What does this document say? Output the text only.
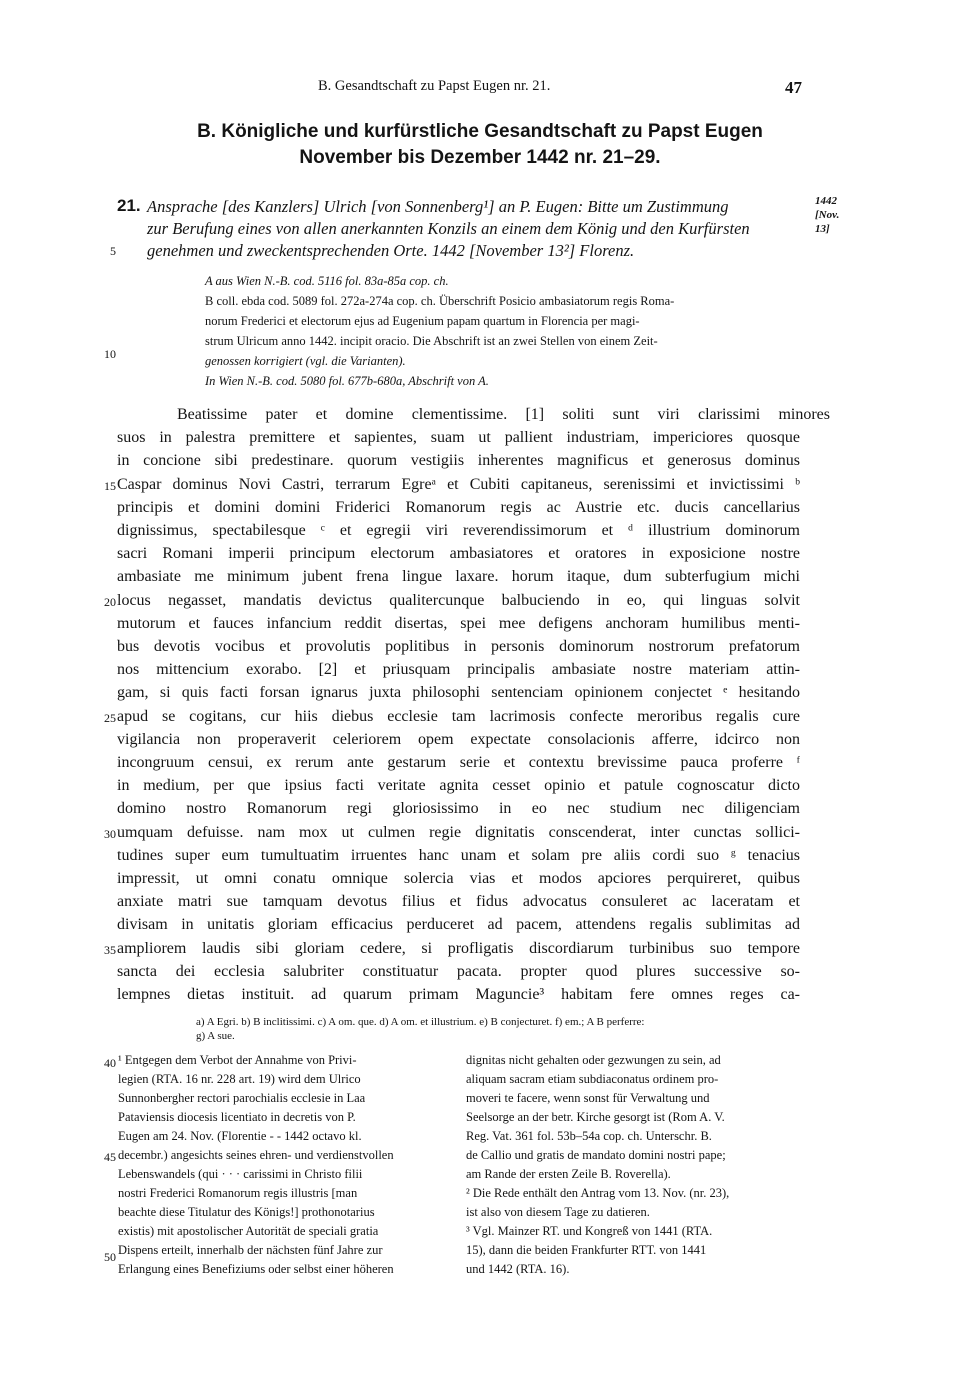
B. Gesandtschaft zu Papst Eugen nr. 21.	47
B. Königliche und kurfürstliche Gesandtschaft zu Papst Eugen
November bis Dezember 1442 nr. 21–29.
21. Ansprache [des Kanzlers] Ulrich [von Sonnenberg¹] an P. Eugen: Bitte um Zustimmung
zur Berufung eines von allen anerkannten Konzils an einem dem König und den Kurfürsten
genehmen und zweckentsprechenden Orte. 1442 [November 13²] Florenz.
5
1442
[Nov.
13]
A aus Wien N.-B. cod. 5116 fol. 83a-85a cop. ch.
B coll. ebda cod. 5089 fol. 272a-274a cop. ch. Überschrift Posicio ambasiatorum regis Roma-
norum Frederici et electorum ejus ad Eugenium papam quartum in Florencia per magi-
strum Ulricum anno 1442. incipit oracio. Die Abschrift ist an zwei Stellen von einem Zeit-
genossen korrigiert (vgl. die Varianten).
In Wien N.-B. cod. 5080 fol. 677b-680a, Abschrift von A.
10
Beatissime pater et domine clementissime. [1] soliti sunt viri clarissimi minores
suos in palestra premittere et sapientes, suam ut pallient industriam, impericiores quosque
in concione sibi predestinare. quorum vestigiis inherentes magnificus et generosus dominus
Caspar dominus Novi Castri, terrarum Egreᵃ et Cubiti capitaneus, serenissimi et invictissimi ᵇ
principis et domini domini Friderici Romanorum regis ac Austrie etc. ducis cancellarius
dignissimus, spectabilesque ᶜ et egregii viri reverendissimorum et ᵈ illustrium dominorum
sacri Romani imperii principum electorum ambasiatores et oratores in exposicione nostre
ambasiate me minimum jubent frena lingue laxare. horum itaque, dum subterfugium michi
locus negasset, mandatis devictus qualitercunque balbuciendo in eo, qui linguas solvit
mutorum et fauces infancium reddit disertas, spei mee defigens anchoram humilibus menti-
bus devotis vocibus et provolutis poplitibus in personis dominorum nostrorum prefatorum
nos mittencium exorabo. [2] et priusquam principalis ambasiate nostre materiam attin-
gam, si quis facti forsan ignarus juxta philosophi sentenciam opinionem conjectet ᵉ hesitando
apud se cogitans, cur hiis diebus ecclesie tam lacrimosis confecte meroribus regalis cure
vigilancia non properaverit celeriorem opem expectate consolacionis afferre, idcirco non
incongruum censui, ex rerum ante gestarum serie et contextu brevissime pauca proferre ᶠ
in medium, per que ipsius facti veritate agnita cesset opinio et patule cognoscatur dicto
domino nostro Romanorum regi gloriosissimo in eo nec studium nec diligenciam
umquam defuisse. nam mox ut culmen regie dignitatis conscenderat, inter cunctas sollici-
tudines super eum tumultuatim irruentes hanc unam et solam pre aliis cordi suo ᵍ tenacius
impressit, ut omni conatu omnique solercia vias et modos apciores perquireret, quibus
anxiate matri sue tamquam devotus filius et fidus advocatus consuleret ac laceratam et
divisam in unitatis gloriam efficacius perduceret ad pacem, attendens regalis sublimitas ad
ampliorem laudis sibi gloriam cedere, si profligatis discordiarum turbinibus suo tempore
sancta dei ecclesia salubriter constituatur pacata. propter quod plures successive so-
lempnes dietas instituit. ad quarum primam Maguncie³ habitam fere omnes reges ca-
15
20
25
30
35
a) A Egri. b) B inclitissimi. c) A om. que. d) A om. et illustrium. e) B conjecturet. f) em.; A B perferre:
g) A sue.
¹ Entgegen dem Verbot der Annahme von Privi-
legien (RTA. 16 nr. 228 art. 19) wird dem Ulrico
Sunnonbergher rectori parochialis ecclesie in Laa
Pataviensis diocesis licentiato in decretis von P.
Eugen am 24. Nov. (Florentie - - 1442 octavo kl.
decembr.) angesichts seines ehren- und verdienstvollen
Lebenswandels (qui · · · carissimi in Christo filii
nostri Frederici Romanorum regis illustris [man
beachte diese Titulatur des Königs!] prothonotarius
existis) mit apostolischer Autorität de speciali gratia
Dispens erteilt, innerhalb der nächsten fünf Jahre zur
Erlangung eines Benefiziums oder selbst einer höheren
dignitas nicht gehalten oder gezwungen zu sein, ad
aliquam sacram etiam subdiaconatus ordinem pro-
moveri te facere, wenn sonst für Verwaltung und
Seelsorge an der betr. Kirche gesorgt ist (Rom A. V.
Reg. Vat. 361 fol. 53b–54a cop. ch. Unterschr. B.
de Callio und gratis de mandato domini nostri pape;
am Rande der ersten Zeile B. Roverella).
² Die Rede enthält den Antrag vom 13. Nov. (nr. 23),
ist also von diesem Tage zu datieren.
³ Vgl. Mainzer RT. und Kongreß von 1441 (RTA.
15), dann die beiden Frankfurter RTT. von 1441
und 1442 (RTA. 16).
40
45
50
